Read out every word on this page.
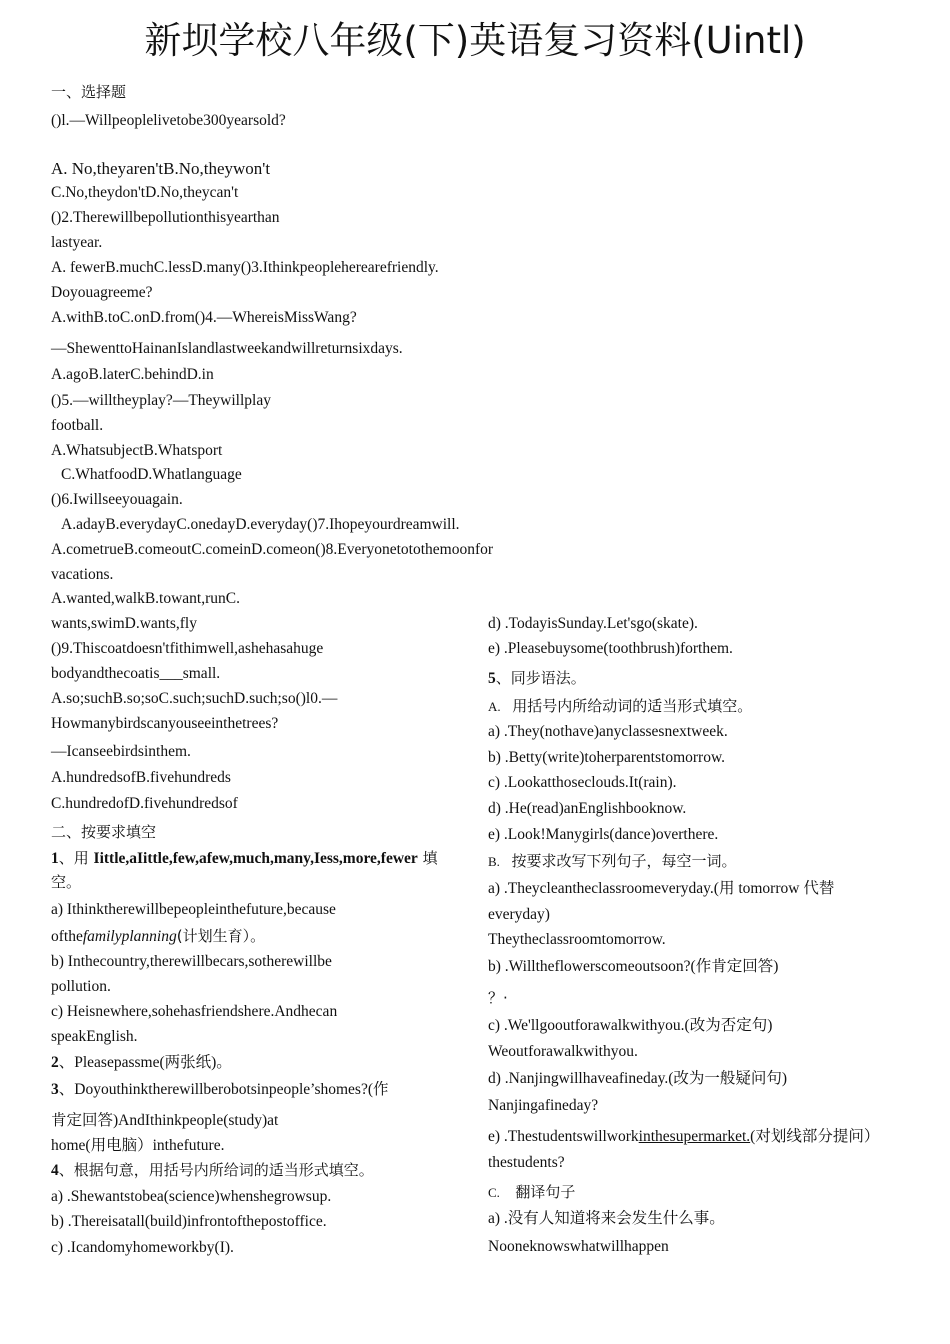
新坝学校八年级(下)英语复习资料(Uintl)
一、选择题
()l.—Willpeoplelivetobe300yearsold?
A. No,theyaren'tB.No,theywon't
C.No,theydon'tD.No,theycan't
()2.Therewillbepollutionthisyearthan
lastyear.
A. fewerB.muchC.lessD.many()3.Ithinkpeopleherearefriendly.
Doyouagreeme?
A.withB.toC.onD.from()4.—WhereisMissWang?
—ShewenttoHainanIslandlastweekandwillreturnsixdays.
A.agoB.laterC.behindD.in
()5.—willtheyplay?—Theywillplay
football.
A.WhatsubjectB.Whatsport
C.WhatfoodD.Whatlanguage
()6.Iwillseeyouagain.
A.adayB.everydayC.onedayD.everyday()7.Ihopeyourdreamwill.
A.cometrueB.comeoutC.comeinD.comeon()8.Everyonetotothemoonfor
vacations.
A.wanted,walkB.towant,runC.
wants,swimD.wants,fly
()9.Thiscoatdoesn'tfithimwell,ashehasahuge
bodyandthecoatis___small.
A.so;suchB.so;soC.such;suchD.such;so()l0.—
Howmanybirdscanyouseeinthetrees?
—Icanseebirdsinthem.
A.hundredsofB.fivehundreds
C.hundredofD.fivehundredsof
二、按要求填空
1、用 Iittle,aIittle,few,afew,much,many,Iess,more,fewer 填
空。
a) Ithinktherewillbepeopleinthefuture,because
ofthefamilyplanning(计划生育）。
b) Inthecountry,therewillbecars,sotherewillbe
pollution.
c) Heisnewhere,sohehasfriendshere.Andhecan
speakEnglish.
2、Pleasepassme(两张纸)。
3、Doyouthinktherewillberobotsinpeople’shomes?(作
肯定回答)AndIthinkpeople(study)at
home(用电脑）inthefuture.
4、根据句意，用括号内所给词的适当形式填空。
a) .Shewantstobea(science)whenshegrowsup.
b) .Thereisatall(build)infrontofthepostoffice.
c) .Icandomyhomeworkby(I).
d) .TodayisSunday.Let'sgo(skate).
e) .Pleasebuysome(toothbrush)forthem.
5、同步语法。
A. 用括号内所给动词的适当形式填空。
a) .They(nothave)anyclassesnextweek.
b) .Betty(write)toherparentstomorrow.
c) .Lookatthoseclouds.It(rain).
d) .He(read)anEnglishbooknow.
e) .Look!Manygirls(dance)overthere.
B. 按要求改写下列句子，每空一词。
a) .Theycleantheclassroomeveryday.(用 tomorrow 代替
everyday)
Theytheclassroomtomorrow.
b) .Willtheflowerscomeoutsoon?(作肯定回答)
？·
c) .We'llgooutforawalkwithyou.(改为否定句)
Weoutforawalkwithyou.
d) .Nanjingwillhaveafineday.(改为一般疑问句)
Nanjingafineday?
e) .Thestudentswillworkinthesupermarket.(对划线部分提问）
thestudents?
C. 翻译句子
a) .没有人知道将来会发生什么事。
Nooneknowswhatwillhappen
